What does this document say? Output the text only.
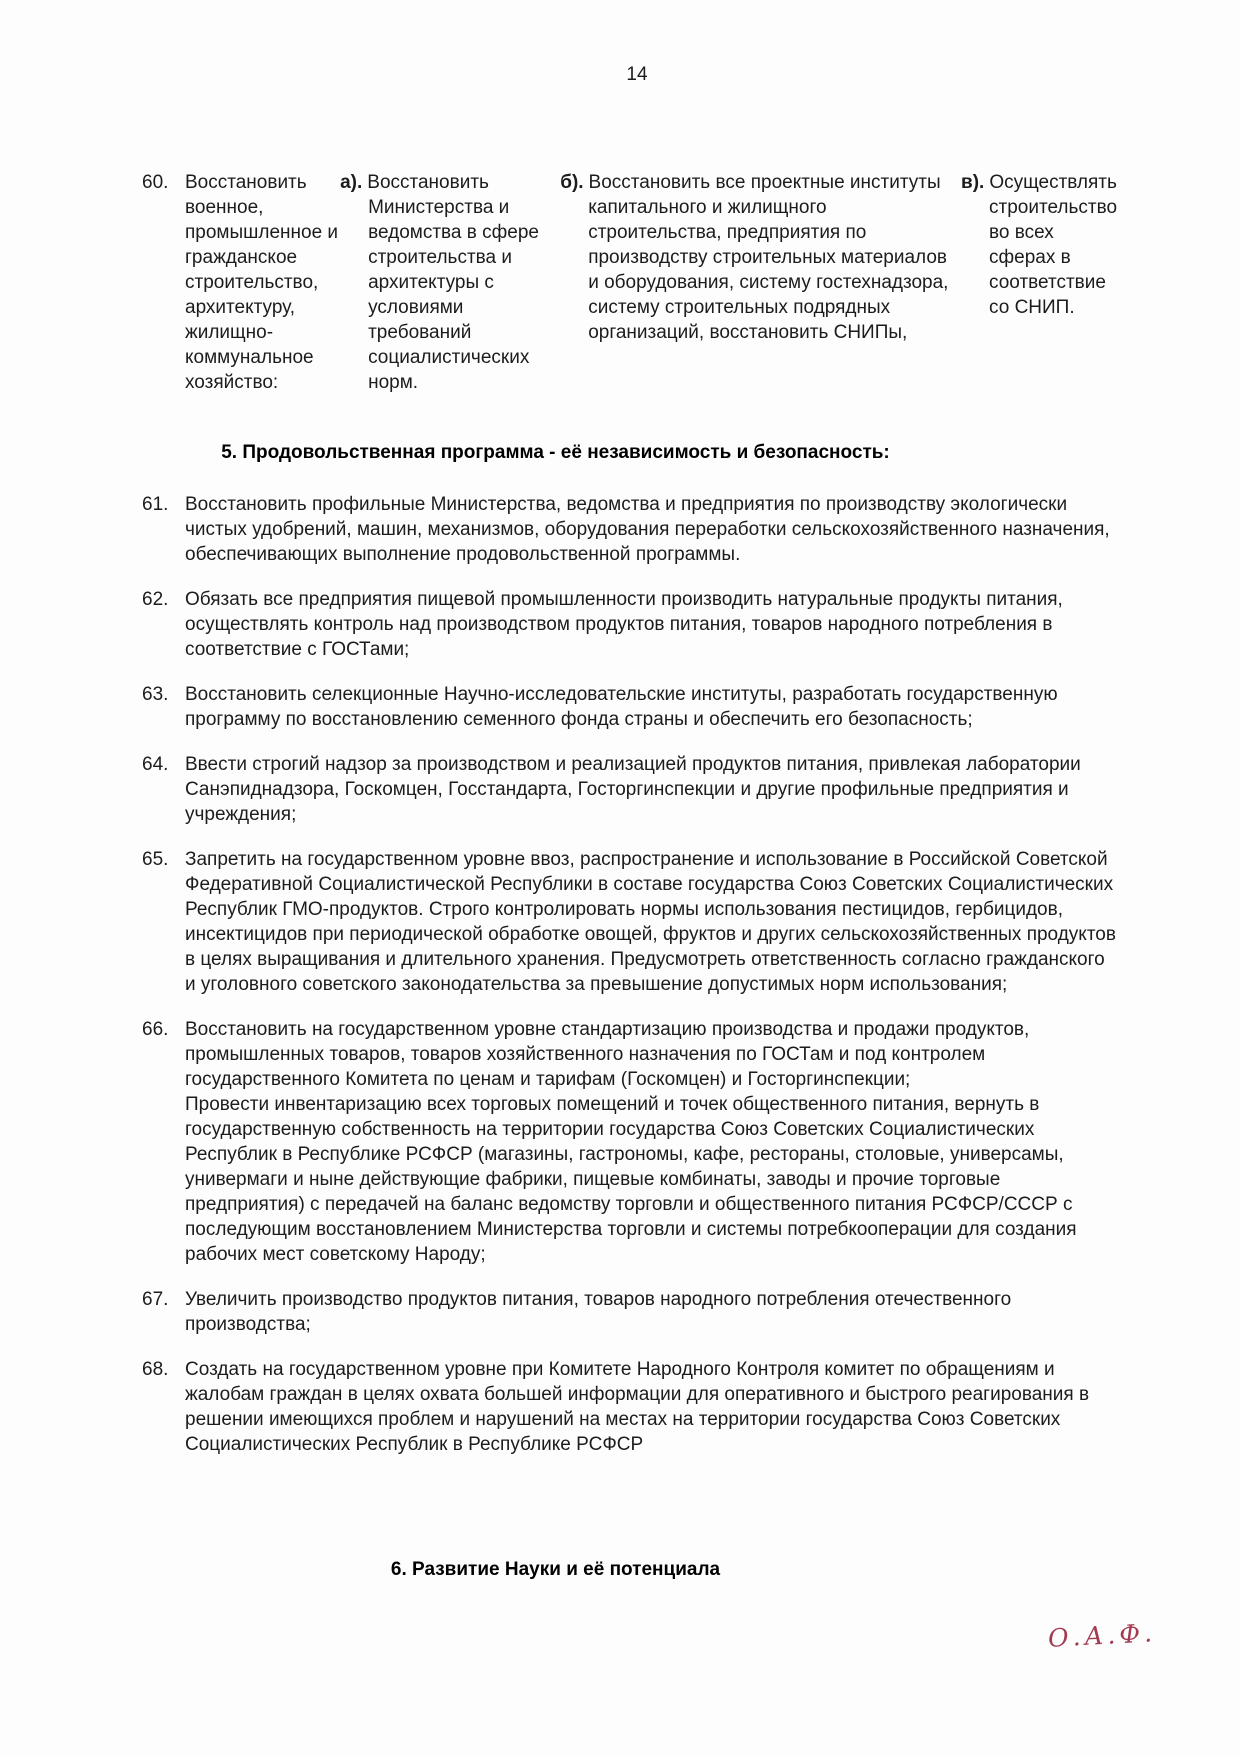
14
60. Восстановить военное, промышленное и гражданское строительство, архитектуру, жилищно-коммунальное хозяйство:
а). Восстановить Министерства и ведомства в сфере строительства и архитектуры с условиями требований социалистических норм.
б). Восстановить все проектные институты капитального и жилищного строительства, предприятия по производству строительных материалов и оборудования, систему гостехнадзора, систему строительных подрядных организаций, восстановить СНИПы,
в). Осуществлять строительство во всех сферах в соответствие со СНИП.
5. Продовольственная программа - её независимость и безопасность:
61. Восстановить профильные Министерства, ведомства и предприятия по производству экологически чистых удобрений, машин, механизмов, оборудования переработки сельскохозяйственного назначения, обеспечивающих выполнение продовольственной программы.
62. Обязать все предприятия пищевой промышленности производить натуральные продукты питания, осуществлять контроль над производством продуктов питания, товаров народного потребления в соответствие с ГОСТами;
63. Восстановить селекционные Научно-исследовательские институты, разработать государственную программу по восстановлению семенного фонда страны и обеспечить его безопасность;
64. Ввести строгий надзор за производством и реализацией продуктов питания, привлекая лаборатории Санэпиднадзора, Госкомцен, Госстандарта, Госторгинспекции и другие профильные предприятия и учреждения;
65. Запретить на государственном уровне ввоз, распространение и использование в Российской Советской Федеративной Социалистической Республики в составе государства Союз Советских Социалистических Республик ГМО-продуктов. Строго контролировать нормы использования пестицидов, гербицидов, инсектицидов при периодической обработке овощей, фруктов и других сельскохозяйственных продуктов в целях выращивания и длительного хранения. Предусмотреть ответственность согласно гражданского и уголовного советского законодательства за превышение допустимых норм использования;
66. Восстановить на государственном уровне стандартизацию производства и продажи продуктов, промышленных товаров, товаров хозяйственного назначения по ГОСТам и под контролем государственного Комитета по ценам и тарифам (Госкомцен) и Госторгинспекции;
Провести инвентаризацию всех торговых помещений и точек общественного питания, вернуть в государственную собственность на территории государства Союз Советских Социалистических Республик в Республике РСФСР (магазины, гастрономы, кафе, рестораны, столовые, универсамы, универмаги и ныне действующие фабрики, пищевые комбинаты, заводы и прочие торговые предприятия) с передачей на баланс ведомству торговли и общественного питания РСФСР/СССР с последующим восстановлением Министерства торговли и системы потребкооперации для создания рабочих мест советскому Народу;
67. Увеличить производство продуктов питания, товаров народного потребления отечественного производства;
68. Создать на государственном уровне при Комитете Народного Контроля комитет по обращениям и жалобам граждан в целях охвата большей информации для оперативного и быстрого реагирования в решении имеющихся проблем и нарушений на местах на территории государства Союз Советских Социалистических Республик в Республике РСФСР
6. Развитие Науки и её потенциала
О.А.Ф.
